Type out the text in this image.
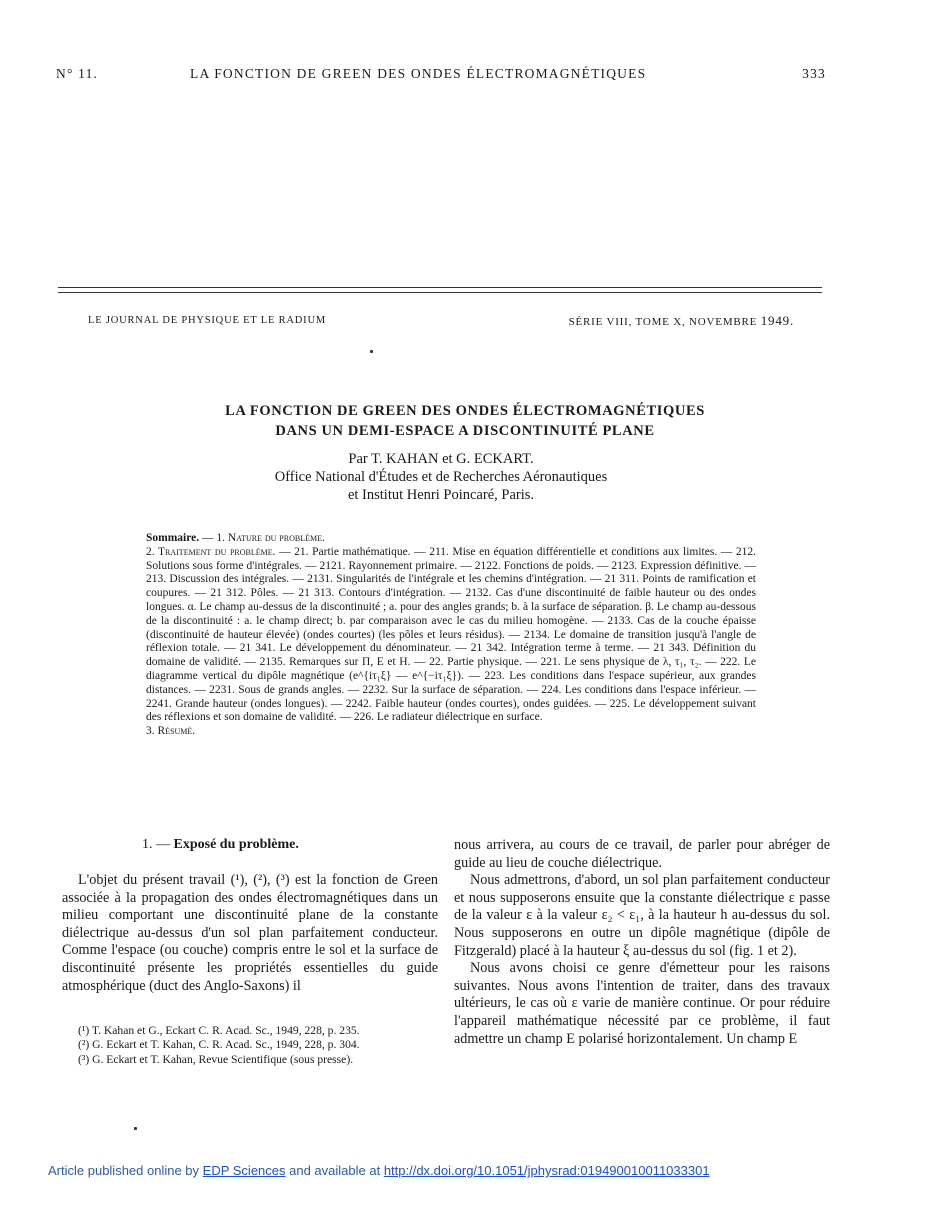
N° 11.	LA FONCTION DE GREEN DES ONDES ÉLECTROMAGNÉTIQUES	333
LE JOURNAL DE PHYSIQUE ET LE RADIUM	SÉRIE VIII, TOME X, NOVEMBRE 1949.
LA FONCTION DE GREEN DES ONDES ÉLECTROMAGNÉTIQUES
DANS UN DEMI-ESPACE A DISCONTINUITÉ PLANE
Par T. KAHAN et G. ECKART.
Office National d'Études et de Recherches Aéronautiques
et Institut Henri Poincaré, Paris.

Sommaire. — 1. Nature du problème.

2. Traitement du problème. — 21. Partie mathématique. — 211. Mise en équation différentielle et conditions aux limites. — 212. Solutions sous forme d'intégrales. — 2121. Rayonnement primaire. — 2122. Fonctions de poids. — 2123. Expression définitive. — 213. Discussion des intégrales. — 2131. Singularités de l'intégrale et les chemins d'intégration. — 21 311. Points de ramification et coupures. — 21 312. Pôles. — 21 313. Contours d'intégration. — 2132. Cas d'une discontinuité de faible hauteur ou des ondes longues. α. Le champ au-dessus de la discontinuité ; a. pour des angles grands; b. à la surface de séparation. β. Le champ au-dessous de la discontinuité : a. le champ direct; b. par comparaison avec le cas du milieu homogène. — 2133. Cas de la couche épaisse (discontinuité de hauteur élevée) (ondes courtes) (les pôles et leurs résidus). — 2134. Le domaine de transition jusqu'à l'angle de réflexion totale. — 21 341. Le développement du dénominateur. — 21 342. Intégration terme à terme. — 21 343. Définition du domaine de validité. — 2135. Remarques sur Π, E et H. — 22. Partie physique. — 221. Le sens physique de λ, τ₁, τ₂. — 222. Le diagramme vertical du dipôle magnétique (e^{iτ₁ξ} — e^{−iτ₁ξ}). — 223. Les conditions dans l'espace supérieur, aux grandes distances. — 2231. Sous de grands angles. — 2232. Sur la surface de séparation. — 224. Les conditions dans l'espace inférieur. — 2241. Grande hauteur (ondes longues). — 2242. Faible hauteur (ondes courtes), ondes guidées. — 225. Le développement suivant des réflexions et son domaine de validité. — 226. Le radiateur diélectrique en surface.

3. Résumé.

1. — Exposé du problème.

L'objet du présent travail (¹), (²), (³) est la fonction de Green associée à la propagation des ondes électromagnétiques dans un milieu comportant une discontinuité plane de la constante diélectrique au-dessus d'un sol plan parfaitement conducteur. Comme l'espace (ou couche) compris entre le sol et la surface de discontinuité présente les propriétés essentielles du guide atmosphérique (duct des Anglo-Saxons) il

(¹) T. Kahan et G., Eckart C. R. Acad. Sc., 1949, 228, p. 235.

(²) G. Eckart et T. Kahan, C. R. Acad. Sc., 1949, 228, p. 304.

(³) G. Eckart et T. Kahan, Revue Scientifique (sous presse).

nous arrivera, au cours de ce travail, de parler pour abréger de guide au lieu de couche diélectrique.

Nous admettrons, d'abord, un sol plan parfaitement conducteur et nous supposerons ensuite que la constante diélectrique ε passe de la valeur ε à la valeur ε₂ < ε₁, à la hauteur h au-dessus du sol. Nous supposerons en outre un dipôle magnétique (dipôle de Fitzgerald) placé à la hauteur ξ au-dessus du sol (fig. 1 et 2).

Nous avons choisi ce genre d'émetteur pour les raisons suivantes. Nous avons l'intention de traiter, dans des travaux ultérieurs, le cas où ε varie de manière continue. Or pour réduire l'appareil mathématique nécessité par ce problème, il faut admettre un champ E polarisé horizontalement. Un champ E

Article published online by EDP Sciences and available at http://dx.doi.org/10.1051/jphysrad:019490010011033301
